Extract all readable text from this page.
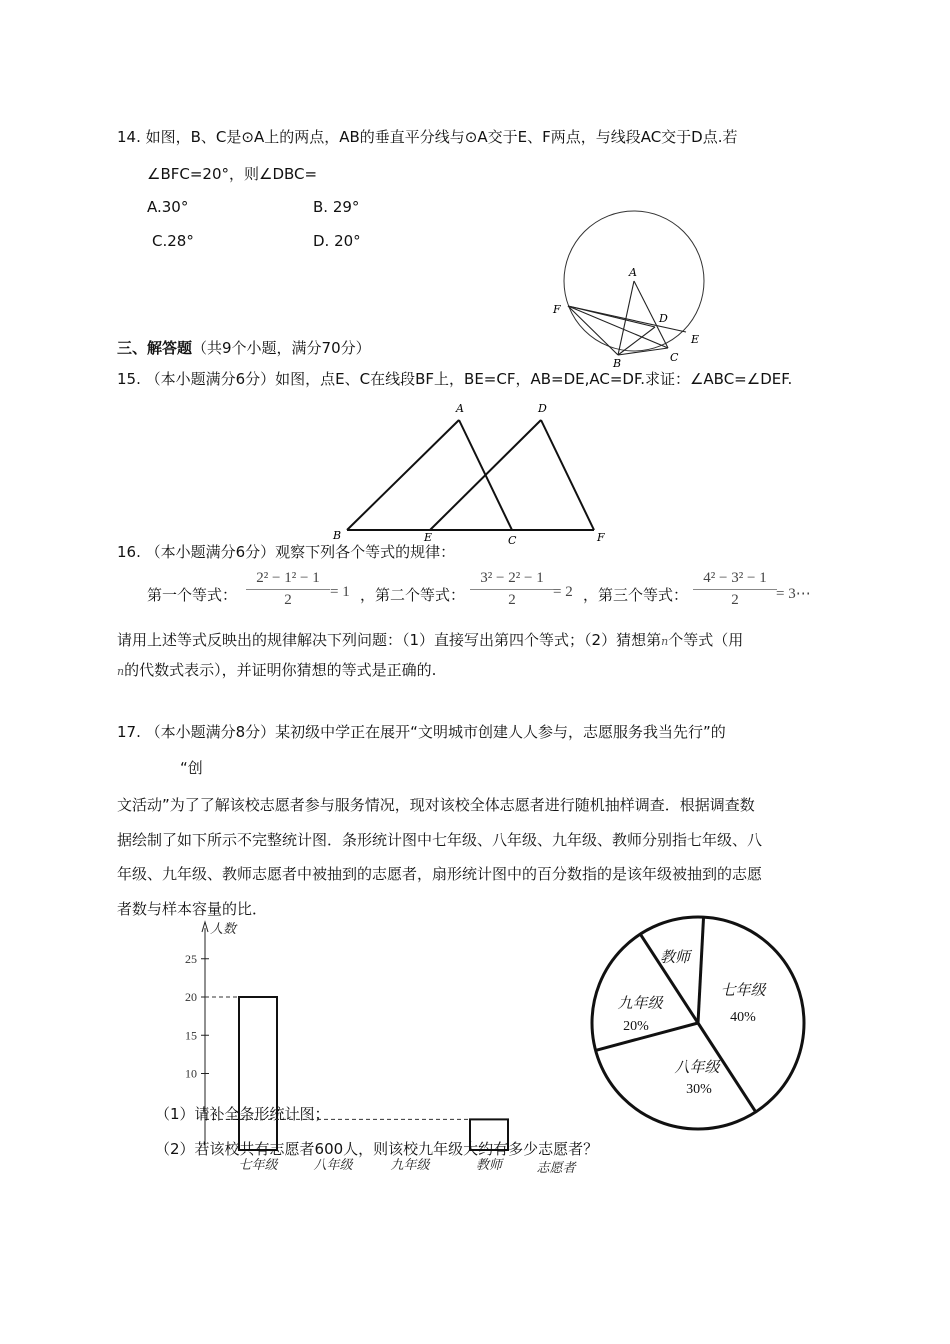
14. 如图，B、C是⊙A上的两点，AB的垂直平分线与⊙A交于E、F两点，与线段AC交于D点.若
∠BFC=20°，则∠DBC=
A.30°	B. 29°
C.28°	D. 20°
A
F
D
E
B	C
三、解答题（共9个小题，满分70分）
15. （本小题满分6分）如图，点E、C在线段BF上，BE=CF，AB=DE,AC=DF.求证：∠ABC=∠DEF.
A	D
B	E	C	F
16. （本小题满分6分）观察下列各个等式的规律：
第一个等式：
2² − 1² − 1
2	= 1 ，第二个等式：
3² − 2² − 1
2	= 2 ，第三个等式：
4² − 3² − 1
2	= 3⋯
请用上述等式反映出的规律解决下列问题：（1）直接写出第四个等式；（2）猜想第n个等式（用
n的代数式表示），并证明你猜想的等式是正确的.
17. （本小题满分8分）某初级中学正在展开“文明城市创建人人参与，志愿服务我当先行”的
“创
文活动”为了了解该校志愿者参与服务情况，现对该校全体志愿者进行随机抽样调查．根据调查数
据绘制了如下所示不完整统计图．条形统计图中七年级、八年级、九年级、教师分别指七年级、八
年级、九年级、教师志愿者中被抽到的志愿者，扇形统计图中的百分数指的是该年级被抽到的志愿
者数与样本容量的比．
人数
10
15
20
25
七年级	八年级	九年级	教师	志愿者
七年级
40%
八年级
30%
九年级
20%
教师
（1）请补全条形统计图；
（2）若该校共有志愿者600人，则该校九年级大约有多少志愿者？
